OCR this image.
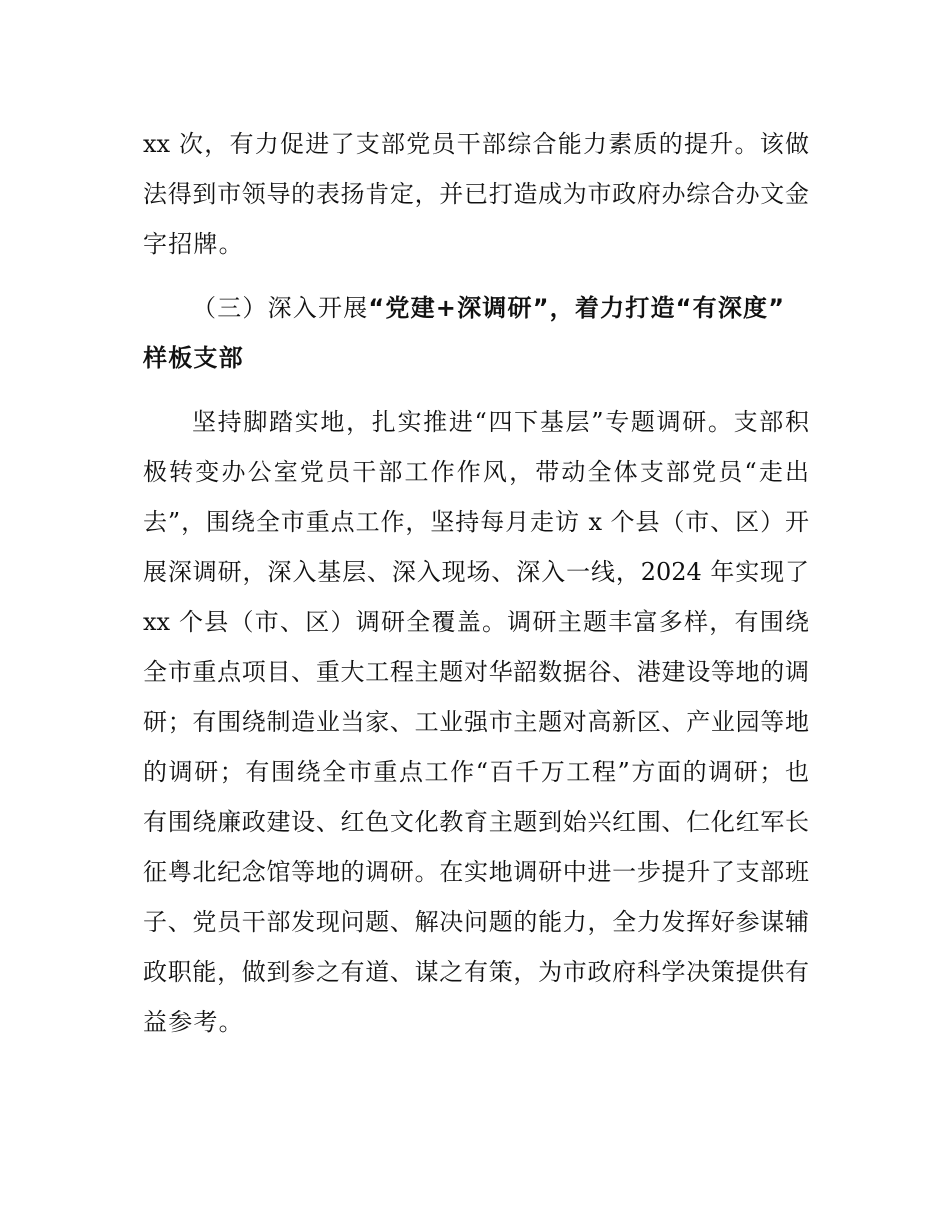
xx 次，有力促进了支部党员干部综合能力素质的提升。该做
法得到市领导的表扬肯定，并已打造成为市政府办综合办文金
字招牌。
（三）深入开展“党建+深调研”，着力打造“有深度”
样板支部
坚持脚踏实地，扎实推进“四下基层”专题调研。支部积
极转变办公室党员干部工作作风，带动全体支部党员“走出
去”，围绕全市重点工作，坚持每月走访 x 个县（市、区）开
展深调研，深入基层、深入现场、深入一线，2024 年实现了
xx 个县（市、区）调研全覆盖。调研主题丰富多样，有围绕
全市重点项目、重大工程主题对华韶数据谷、港建设等地的调
研；有围绕制造业当家、工业强市主题对高新区、产业园等地
的调研；有围绕全市重点工作“百千万工程”方面的调研；也
有围绕廉政建设、红色文化教育主题到始兴红围、仁化红军长
征粤北纪念馆等地的调研。在实地调研中进一步提升了支部班
子、党员干部发现问题、解决问题的能力，全力发挥好参谋辅
政职能，做到参之有道、谋之有策，为市政府科学决策提供有
益参考。
